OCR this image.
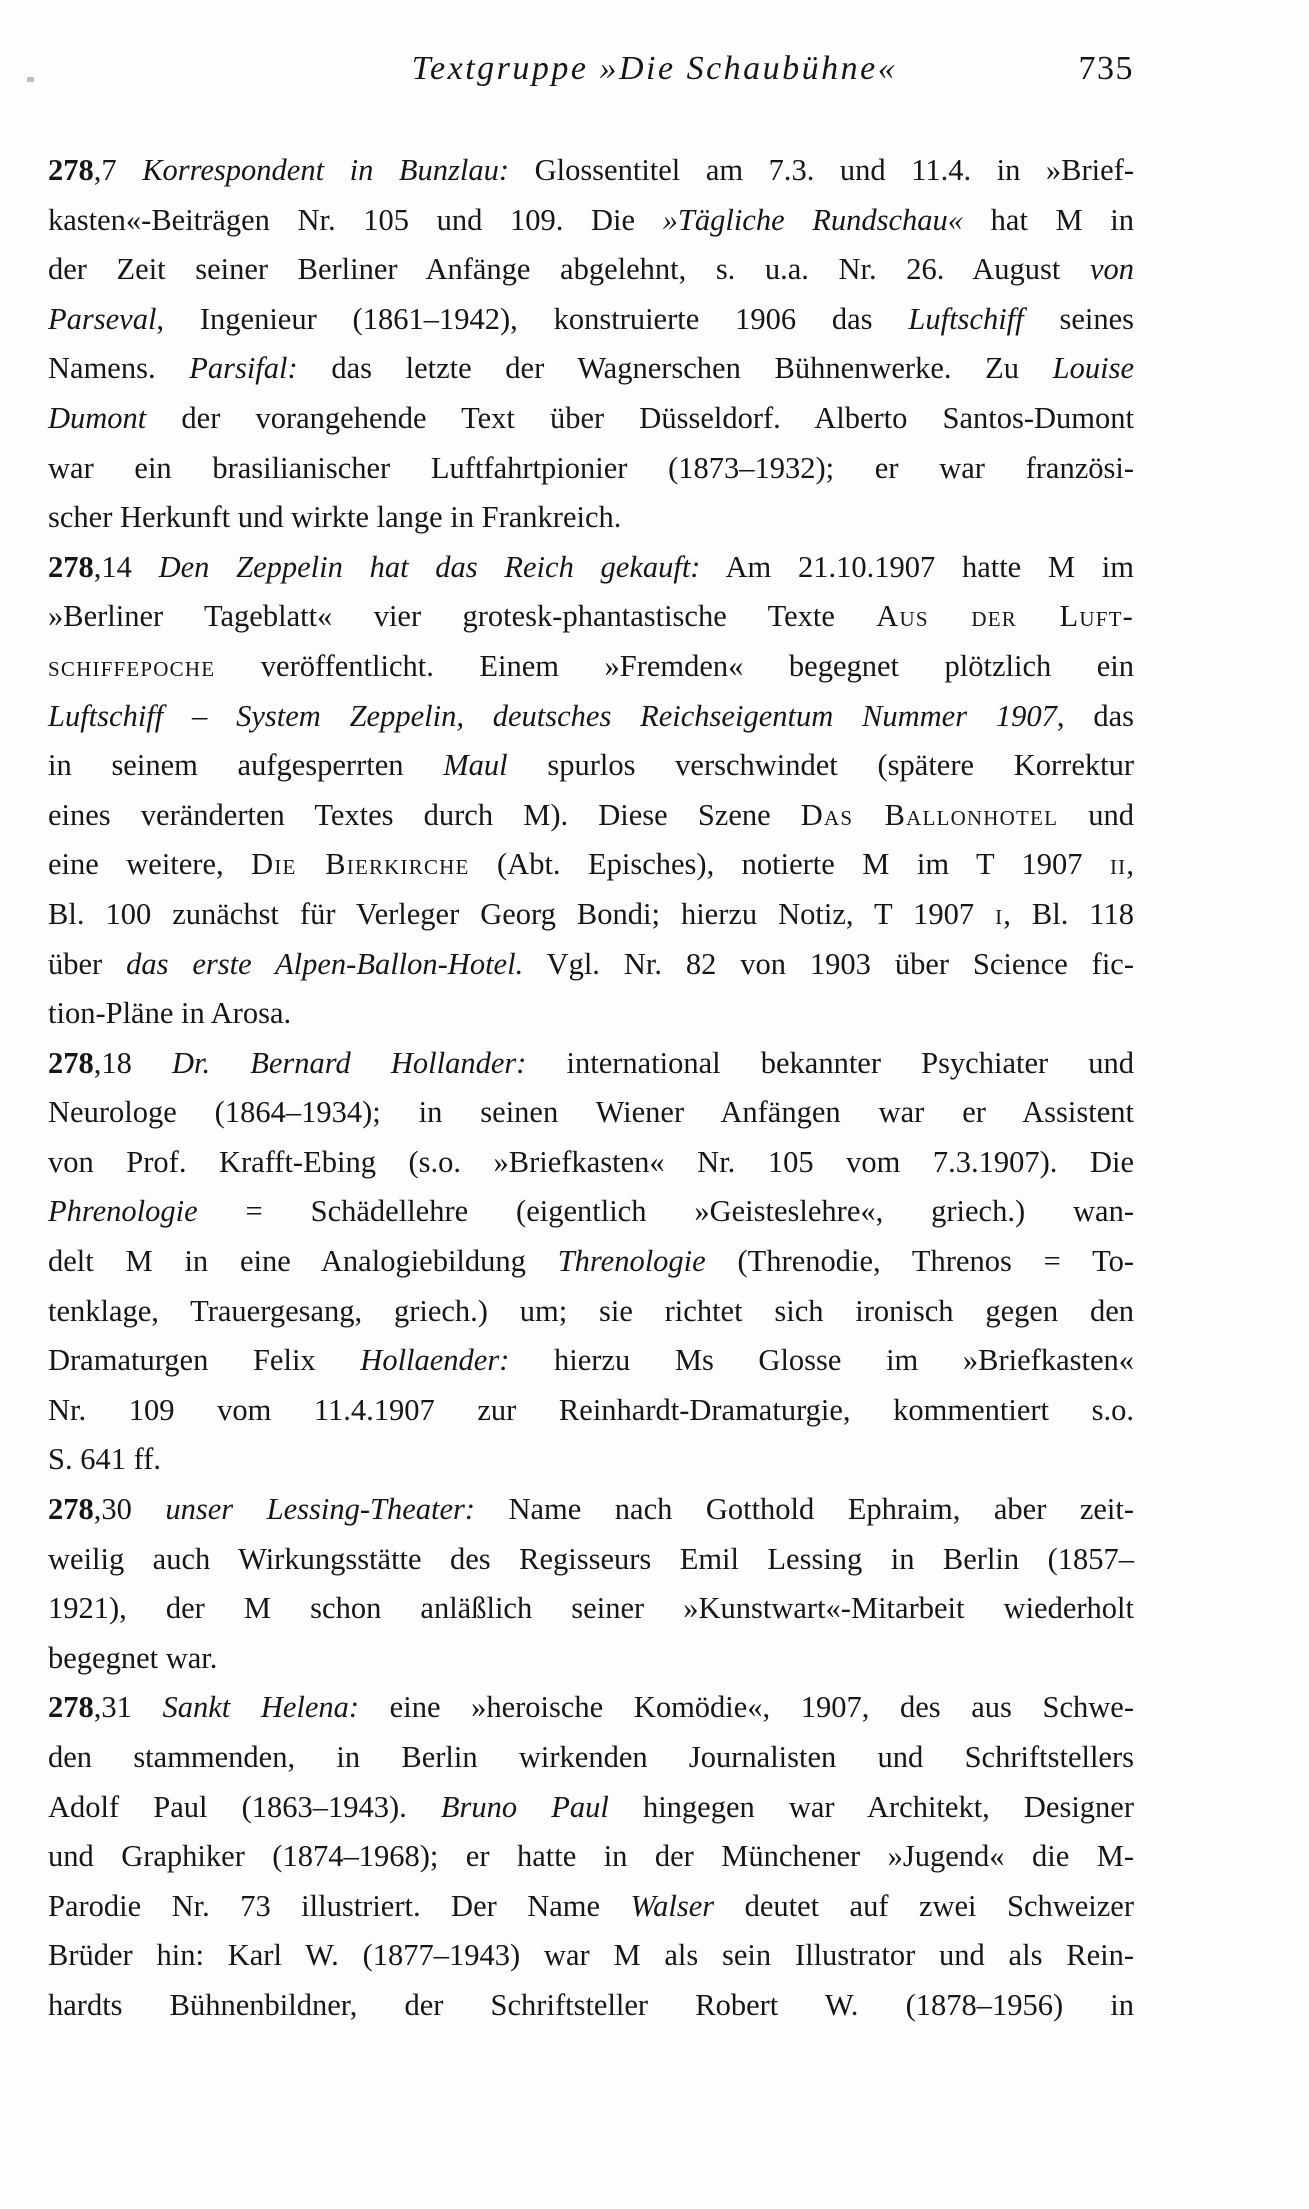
Textgruppe »Die Schaubühne«	735
278,7 Korrespondent in Bunzlau: Glossentitel am 7.3. und 11.4. in »Brief-
kasten«-Beiträgen Nr. 105 und 109. Die »Tägliche Rundschau« hat M in
der Zeit seiner Berliner Anfänge abgelehnt, s. u.a. Nr. 26. August von
Parseval, Ingenieur (1861–1942), konstruierte 1906 das Luftschiff seines
Namens. Parsifal: das letzte der Wagnerschen Bühnenwerke. Zu Louise
Dumont der vorangehende Text über Düsseldorf. Alberto Santos-Dumont
war ein brasilianischer Luftfahrtpionier (1873–1932); er war französi-
scher Herkunft und wirkte lange in Frankreich.
278,14 Den Zeppelin hat das Reich gekauft: Am 21.10.1907 hatte M im
»Berliner Tageblatt« vier grotesk-phantastische Texte Aus der Luft-
schiffepoche veröffentlicht. Einem »Fremden« begegnet plötzlich ein
Luftschiff – System Zeppelin, deutsches Reichseigentum Nummer 1907, das
in seinem aufgesperrten Maul spurlos verschwindet (spätere Korrektur
eines veränderten Textes durch M). Diese Szene Das Ballonhotel und
eine weitere, Die Bierkirche (Abt. Episches), notierte M im T 1907 ii,
Bl. 100 zunächst für Verleger Georg Bondi; hierzu Notiz, T 1907 i, Bl. 118
über das erste Alpen-Ballon-Hotel. Vgl. Nr. 82 von 1903 über Science fic-
tion-Pläne in Arosa.
278,18 Dr. Bernard Hollander: international bekannter Psychiater und
Neurologe (1864–1934); in seinen Wiener Anfängen war er Assistent
von Prof. Krafft-Ebing (s.o. »Briefkasten« Nr. 105 vom 7.3.1907). Die
Phrenologie = Schädellehre (eigentlich »Geisteslehre«, griech.) wan-
delt M in eine Analogiebildung Threnologie (Threnodie, Threnos = To-
tenklage, Trauergesang, griech.) um; sie richtet sich ironisch gegen den
Dramaturgen Felix Hollaender: hierzu Ms Glosse im »Briefkasten«
Nr. 109 vom 11.4.1907 zur Reinhardt-Dramaturgie, kommentiert s.o.
S. 641 ff.
278,30 unser Lessing-Theater: Name nach Gotthold Ephraim, aber zeit-
weilig auch Wirkungsstätte des Regisseurs Emil Lessing in Berlin (1857–
1921), der M schon anläßlich seiner »Kunstwart«-Mitarbeit wiederholt
begegnet war.
278,31 Sankt Helena: eine »heroische Komödie«, 1907, des aus Schwe-
den stammenden, in Berlin wirkenden Journalisten und Schriftstellers
Adolf Paul (1863–1943). Bruno Paul hingegen war Architekt, Designer
und Graphiker (1874–1968); er hatte in der Münchener »Jugend« die M-
Parodie Nr. 73 illustriert. Der Name Walser deutet auf zwei Schweizer
Brüder hin: Karl W. (1877–1943) war M als sein Illustrator und als Rein-
hardts Bühnenbildner, der Schriftsteller Robert W. (1878–1956) in
